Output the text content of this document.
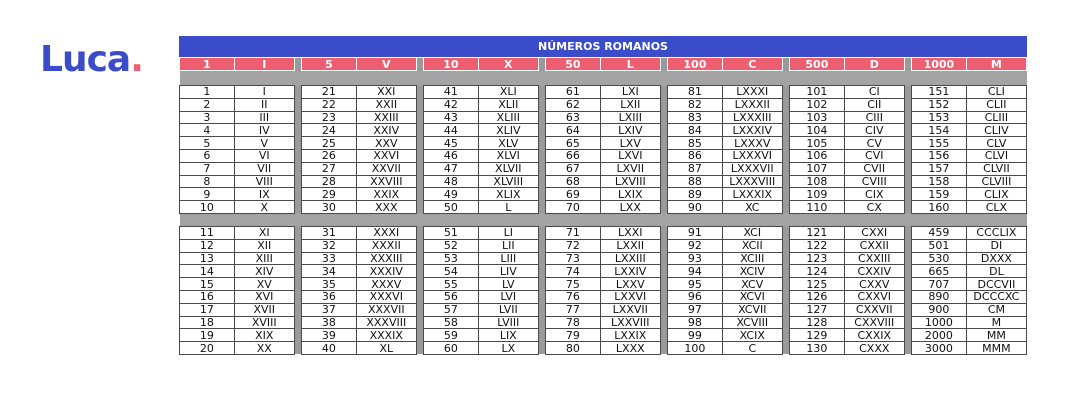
Luca.	NÚMEROS ROMANOS
1	I		5	V		10	X		50	L		100	C		500	D		1000	M

1	I		21	XXI		41	XLI		61	LXI		81	LXXXI		101	CI		151	CLI
2	II		22	XXII		42	XLII		62	LXII		82	LXXXII		102	CII		152	CLII
3	III		23	XXIII		43	XLIII		63	LXIII		83	LXXXIII		103	CIII		153	CLIII
4	IV		24	XXIV		44	XLIV		64	LXIV		84	LXXXIV		104	CIV		154	CLIV
5	V		25	XXV		45	XLV		65	LXV		85	LXXXV		105	CV		155	CLV
6	VI		26	XXVI		46	XLVI		66	LXVI		86	LXXXVI		106	CVI		156	CLVI
7	VII		27	XXVII		47	XLVII		67	LXVII		87	LXXXVII		107	CVII		157	CLVII
8	VIII		28	XXVIII		48	XLVIII		68	LXVIII		88	LXXXVIII		108	CVIII		158	CLVIII
9	IX		29	XXIX		49	XLIX		69	LXIX		89	LXXXIX		109	CIX		159	CLIX
10	X		30	XXX		50	L		70	LXX		90	XC		110	CX		160	CLX

11	XI		31	XXXI		51	LI		71	LXXI		91	XCI		121	CXXI		459	CCCLIX
12	XII		32	XXXII		52	LII		72	LXXII		92	XCII		122	CXXII		501	DI
13	XIII		33	XXXIII		53	LIII		73	LXXIII		93	XCIII		123	CXXIII		530	DXXX
14	XIV		34	XXXIV		54	LIV		74	LXXIV		94	XCIV		124	CXXIV		665	DL
15	XV		35	XXXV		55	LV		75	LXXV		95	XCV		125	CXXV		707	DCCVII
16	XVI		36	XXXVI		56	LVI		76	LXXVI		96	XCVI		126	CXXVI		890	DCCCXC
17	XVII		37	XXXVII		57	LVII		77	LXXVII		97	XCVII		127	CXXVII		900	CM
18	XVIII		38	XXXVIII		58	LVIII		78	LXXVIII		98	XCVIII		128	CXXVIII		1000	M
19	XIX		39	XXXIX		59	LIX		79	LXXIX		99	XCIX		129	CXXIX		2000	MM
20	XX		40	XL		60	LX		80	LXXX		100	C		130	CXXX		3000	MMM
